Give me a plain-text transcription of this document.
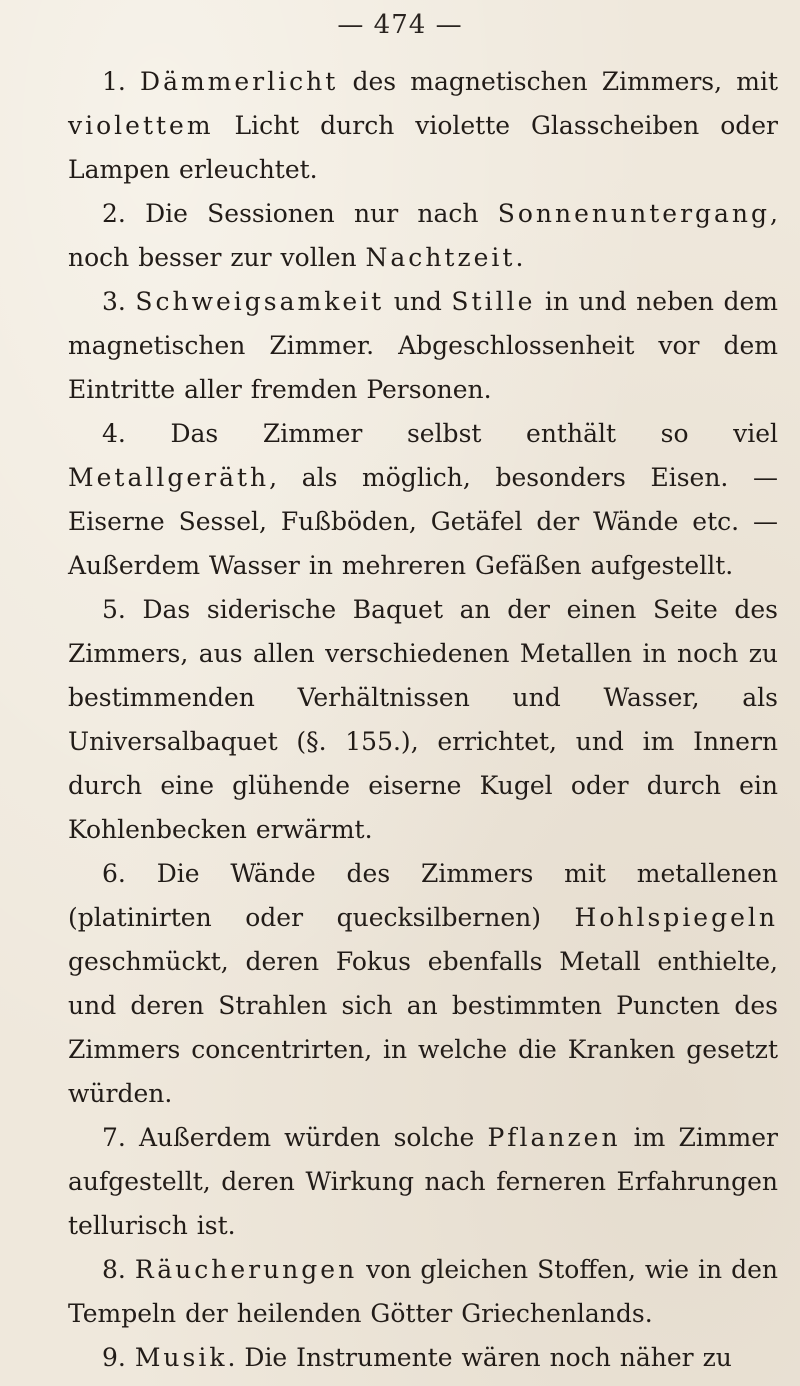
— 474 —

1. Dämmerlicht des magnetischen Zimmers, mit violettem Licht durch violette Glasscheiben oder Lampen erleuchtet.

2. Die Sessionen nur nach Sonnenuntergang, noch besser zur vollen Nachtzeit.

3. Schweigsamkeit und Stille in und neben dem magnetischen Zimmer. Abgeschlossenheit vor dem Eintritte aller fremden Personen.

4. Das Zimmer selbst enthält so viel Metallgeräth, als möglich, besonders Eisen. — Eiserne Sessel, Fußböden, Getäfel der Wände etc. — Außerdem Wasser in mehreren Gefäßen aufgestellt.

5. Das siderische Baquet an der einen Seite des Zimmers, aus allen verschiedenen Metallen in noch zu bestimmenden Verhältnissen und Wasser, als Universalbaquet (§. 155.), errichtet, und im Innern durch eine glühende eiserne Kugel oder durch ein Kohlenbecken erwärmt.

6. Die Wände des Zimmers mit metallenen (platinirten oder quecksilbernen) Hohlspiegeln geschmückt, deren Fokus ebenfalls Metall enthielte, und deren Strahlen sich an bestimmten Puncten des Zimmers concentrirten, in welche die Kranken gesetzt würden.

7. Außerdem würden solche Pflanzen im Zimmer aufgestellt, deren Wirkung nach ferneren Erfahrungen tellurisch ist.

8. Räucherungen von gleichen Stoffen, wie in den Tempeln der heilenden Götter Griechenlands.

9. Musik. Die Instrumente wären noch näher zu
